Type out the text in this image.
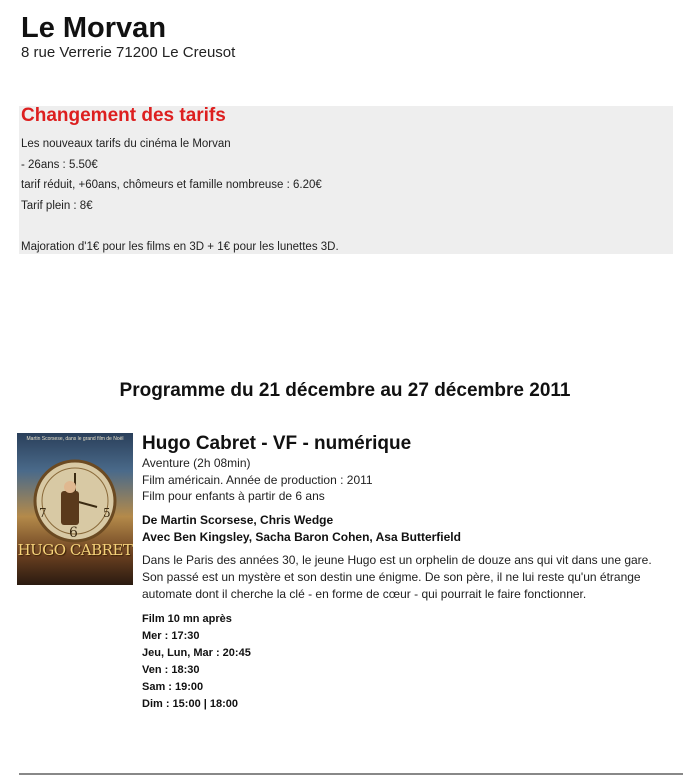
Le Morvan

8 rue Verrerie 71200 Le Creusot

Changement des tarifs

Les nouveaux tarifs du cinéma le Morvan

- 26ans : 5.50€

tarif réduit, +60ans, chômeurs et famille nombreuse : 6.20€

Tarif plein : 8€

Majoration d'1€ pour les films en 3D + 1€ pour les lunettes 3D.

Programme du 21 décembre au 27 décembre 2011
6
7	5
Martin Scorsese, dans le grand film de Noël
HUGO CABRET
Hugo Cabret - VF - numérique

Aventure (2h 08min)

Film américain. Année de production : 2011

Film pour enfants à partir de 6 ans

De Martin Scorsese, Chris Wedge

Avec Ben Kingsley, Sacha Baron Cohen, Asa Butterfield

Dans le Paris des années 30, le jeune Hugo est un orphelin de douze ans qui vit dans une gare. Son passé est un mystère et son destin une énigme. De son père, il ne lui reste qu'un étrange automate dont il cherche la clé - en forme de cœur - qui pourrait le faire fonctionner.

Film 10 mn après

Mer : 17:30

Jeu, Lun, Mar : 20:45

Ven : 18:30

Sam : 19:00

Dim : 15:00 | 18:00
